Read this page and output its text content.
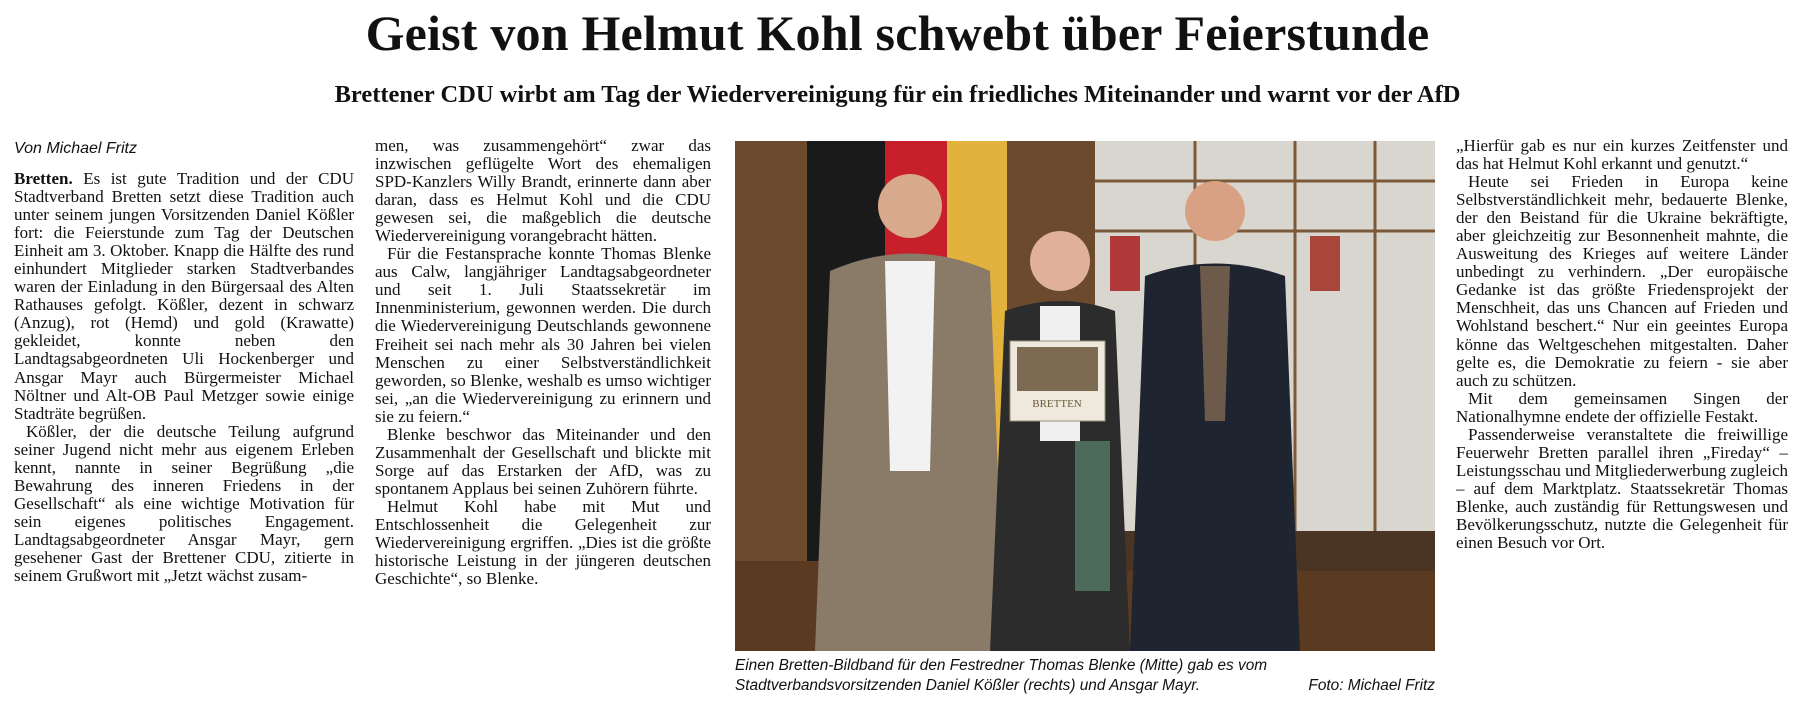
Geist von Helmut Kohl schwebt über Feierstunde
Brettener CDU wirbt am Tag der Wiedervereinigung für ein friedliches Miteinander und warnt vor der AfD
Von Michael Fritz

Bretten. Es ist gute Tradition und der CDU Stadtverband Bretten setzt diese Tradition auch unter seinem jungen Vorsitzenden Daniel Kößler fort: die Feierstunde zum Tag der Deutschen Einheit am 3. Oktober. Knapp die Hälfte des rund einhundert Mitglieder starken Stadtverbandes waren der Einladung in den Bürgersaal des Alten Rathauses gefolgt. Kößler, dezent in schwarz (Anzug), rot (Hemd) und gold (Krawatte) gekleidet, konnte neben den Landtagsabgeordneten Uli Hockenberger und Ansgar Mayr auch Bürgermeister Michael Nöltner und Alt-OB Paul Metzger sowie einige Stadträte begrüßen.

Kößler, der die deutsche Teilung aufgrund seiner Jugend nicht mehr aus eigenem Erleben kennt, nannte in seiner Begrüßung „die Bewahrung des inneren Friedens in der Gesellschaft“ als eine wichtige Motivation für sein eigenes politisches Engagement. Landtagsabgeordneter Ansgar Mayr, gern gesehener Gast der Brettener CDU, zitierte in seinem Grußwort mit „Jetzt wächst zusam-

men, was zusammengehört“ zwar das inzwischen geflügelte Wort des ehemaligen SPD-Kanzlers Willy Brandt, erinnerte dann aber daran, dass es Helmut Kohl und die CDU gewesen sei, die maßgeblich die deutsche Wiedervereinigung vorangebracht hätten.

Für die Festansprache konnte Thomas Blenke aus Calw, langjähriger Landtagsabgeordneter und seit 1. Juli Staatssekretär im Innenministerium, gewonnen werden. Die durch die Wiedervereinigung Deutschlands gewonnene Freiheit sei nach mehr als 30 Jahren bei vielen Menschen zu einer Selbstverständlichkeit geworden, so Blenke, weshalb es umso wichtiger sei, „an die Wiedervereinigung zu erinnern und sie zu feiern.“

Blenke beschwor das Miteinander und den Zusammenhalt der Gesellschaft und blickte mit Sorge auf das Erstarken der AfD, was zu spontanem Applaus bei seinen Zuhörern führte.

Helmut Kohl habe mit Mut und Entschlossenheit die Gelegenheit zur Wiedervereinigung ergriffen. „Dies ist die größte historische Leistung in der jüngeren deutschen Geschichte“, so Blenke.

BRETTEN
Einen Bretten-Bildband für den Festredner Thomas Blenke (Mitte) gab es vom Stadtverbandsvorsitzenden Daniel Kößler (rechts) und Ansgar Mayr.	Foto: Michael Fritz

„Hierfür gab es nur ein kurzes Zeitfenster und das hat Helmut Kohl erkannt und genutzt.“

Heute sei Frieden in Europa keine Selbstverständlichkeit mehr, bedauerte Blenke, der den Beistand für die Ukraine bekräftigte, aber gleichzeitig zur Besonnenheit mahnte, die Ausweitung des Krieges auf weitere Länder unbedingt zu verhindern. „Der europäische Gedanke ist das größte Friedensprojekt der Menschheit, das uns Chancen auf Frieden und Wohlstand beschert.“ Nur ein geeintes Europa könne das Weltgeschehen mitgestalten. Daher gelte es, die Demokratie zu feiern - sie aber auch zu schützen.

Mit dem gemeinsamen Singen der Nationalhymne endete der offizielle Festakt.

Passenderweise veranstaltete die freiwillige Feuerwehr Bretten parallel ihren „Fireday“ – Leistungsschau und Mitgliederwerbung zugleich – auf dem Marktplatz. Staatssekretär Thomas Blenke, auch zuständig für Rettungswesen und Bevölkerungsschutz, nutzte die Gelegenheit für einen Besuch vor Ort.
